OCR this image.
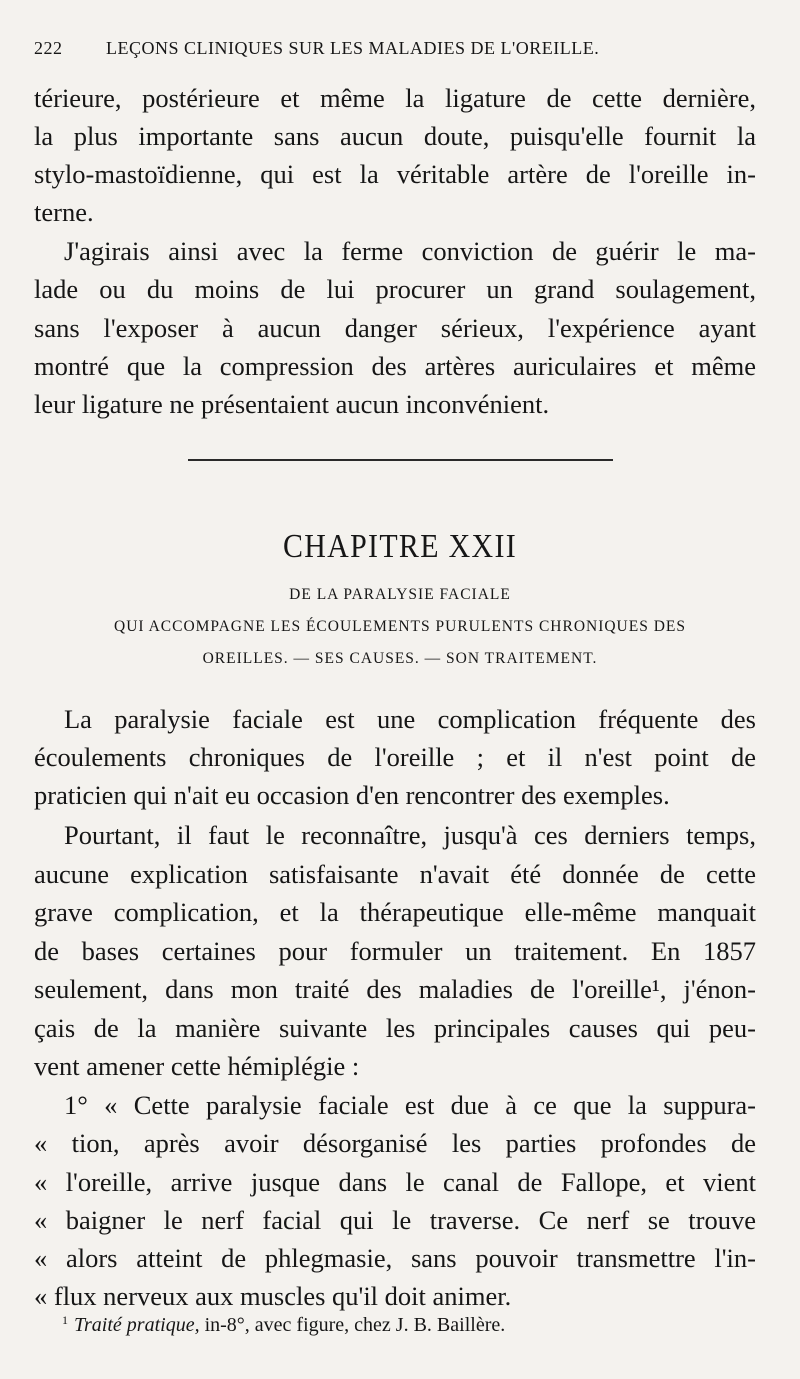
222 LEÇONS CLINIQUES SUR LES MALADIES DE L'OREILLE.
térieure, postérieure et même la ligature de cette dernière,
la plus importante sans aucun doute, puisqu'elle fournit la
stylo-mastoïdienne, qui est la véritable artère de l'oreille in-
terne.
J'agirais ainsi avec la ferme conviction de guérir le ma-
lade ou du moins de lui procurer un grand soulagement,
sans l'exposer à aucun danger sérieux, l'expérience ayant
montré que la compression des artères auriculaires et même
leur ligature ne présentaient aucun inconvénient.
CHAPITRE XXII
DE LA PARALYSIE FACIALE
QUI ACCOMPAGNE LES ÉCOULEMENTS PURULENTS CHRONIQUES DES
OREILLES. — SES CAUSES. — SON TRAITEMENT.
La paralysie faciale est une complication fréquente des
écoulements chroniques de l'oreille ; et il n'est point de
praticien qui n'ait eu occasion d'en rencontrer des exemples.
Pourtant, il faut le reconnaître, jusqu'à ces derniers temps,
aucune explication satisfaisante n'avait été donnée de cette
grave complication, et la thérapeutique elle-même manquait
de bases certaines pour formuler un traitement. En 1857
seulement, dans mon traité des maladies de l'oreille¹, j'énon-
çais de la manière suivante les principales causes qui peu-
vent amener cette hémiplégie :
1° « Cette paralysie faciale est due à ce que la suppura-
« tion, après avoir désorganisé les parties profondes de
« l'oreille, arrive jusque dans le canal de Fallope, et vient
« baigner le nerf facial qui le traverse. Ce nerf se trouve
« alors atteint de phlegmasie, sans pouvoir transmettre l'in-
« flux nerveux aux muscles qu'il doit animer.
$^1$ Traité pratique, in-8°, avec figure, chez J. B. Baillère.
